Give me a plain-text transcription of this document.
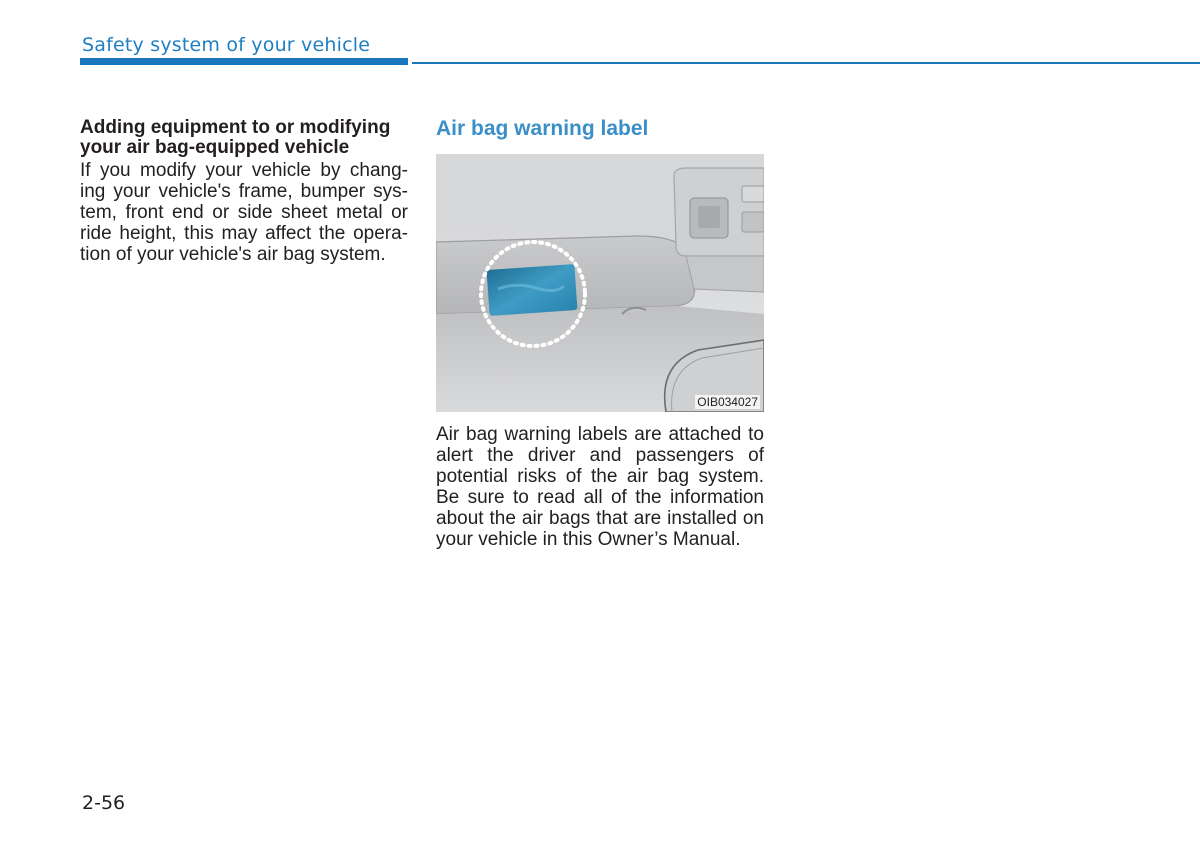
Safety system of your vehicle

Adding equipment to or modifying
your air bag-equipped vehicle

If you modify your vehicle by chang-ing your vehicle's frame, bumper sys-tem, front end or side sheet metal or ride height, this may affect the opera-tion of your vehicle's air bag system.

Air bag warning label
OIB034027

Air bag warning labels are attached to alert the driver and passengers of potential risks of the air bag system. Be sure to read all of the information about the air bags that are installed on your vehicle in this Owner’s Manual.

2-56
